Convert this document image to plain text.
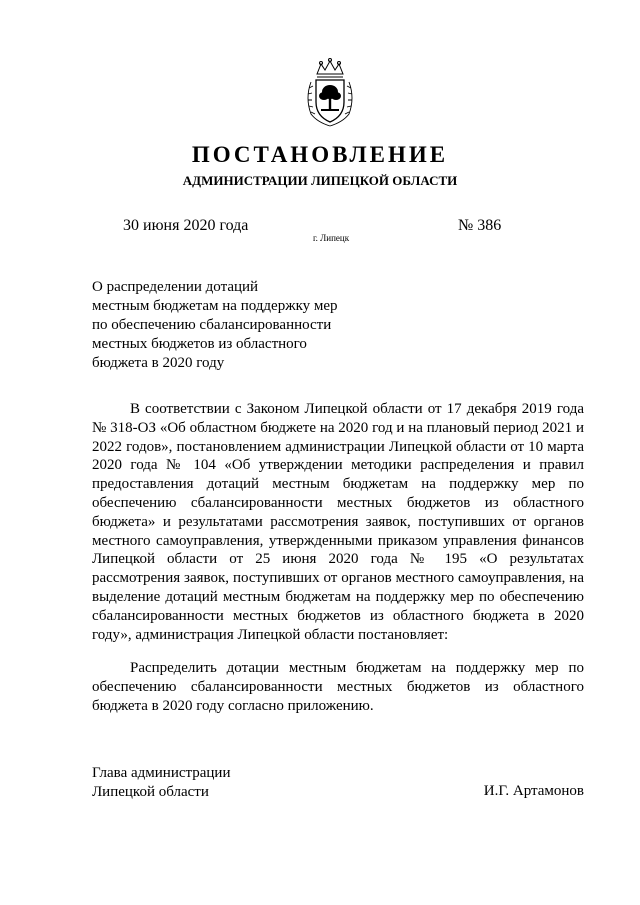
ПОСТАНОВЛЕНИЕ
АДМИНИСТРАЦИИ ЛИПЕЦКОЙ ОБЛАСТИ
30 июня 2020 года
г. Липецк
№ 386
О распределении дотаций
местным бюджетам на поддержку мер
по обеспечению сбалансированности
местных бюджетов из областного
бюджета в 2020 году

В соответствии с Законом Липецкой области от 17 декабря 2019 года № 318-ОЗ «Об областном бюджете на 2020 год и на плановый период 2021 и 2022 годов», постановлением администрации Липецкой области от 10 марта 2020 года № 104 «Об утверждении методики распределения и правил предоставления дотаций местным бюджетам на поддержку мер по обеспечению сбалансированности местных бюджетов из областного бюджета» и результатами рассмотрения заявок, поступивших от органов местного самоуправления, утвержденными приказом управления финансов Липецкой области от 25 июня 2020 года № 195 «О результатах рассмотрения заявок, поступивших от органов местного самоуправления, на выделение дотаций местным бюджетам на поддержку мер по обеспечению сбалансированности местных бюджетов из областного бюджета в 2020 году», администрация Липецкой области постановляет:

Распределить дотации местным бюджетам на поддержку мер по обеспечению сбалансированности местных бюджетов из областного бюджета в 2020 году согласно приложению.

Глава администрации
Липецкой области	И.Г. Артамонов
